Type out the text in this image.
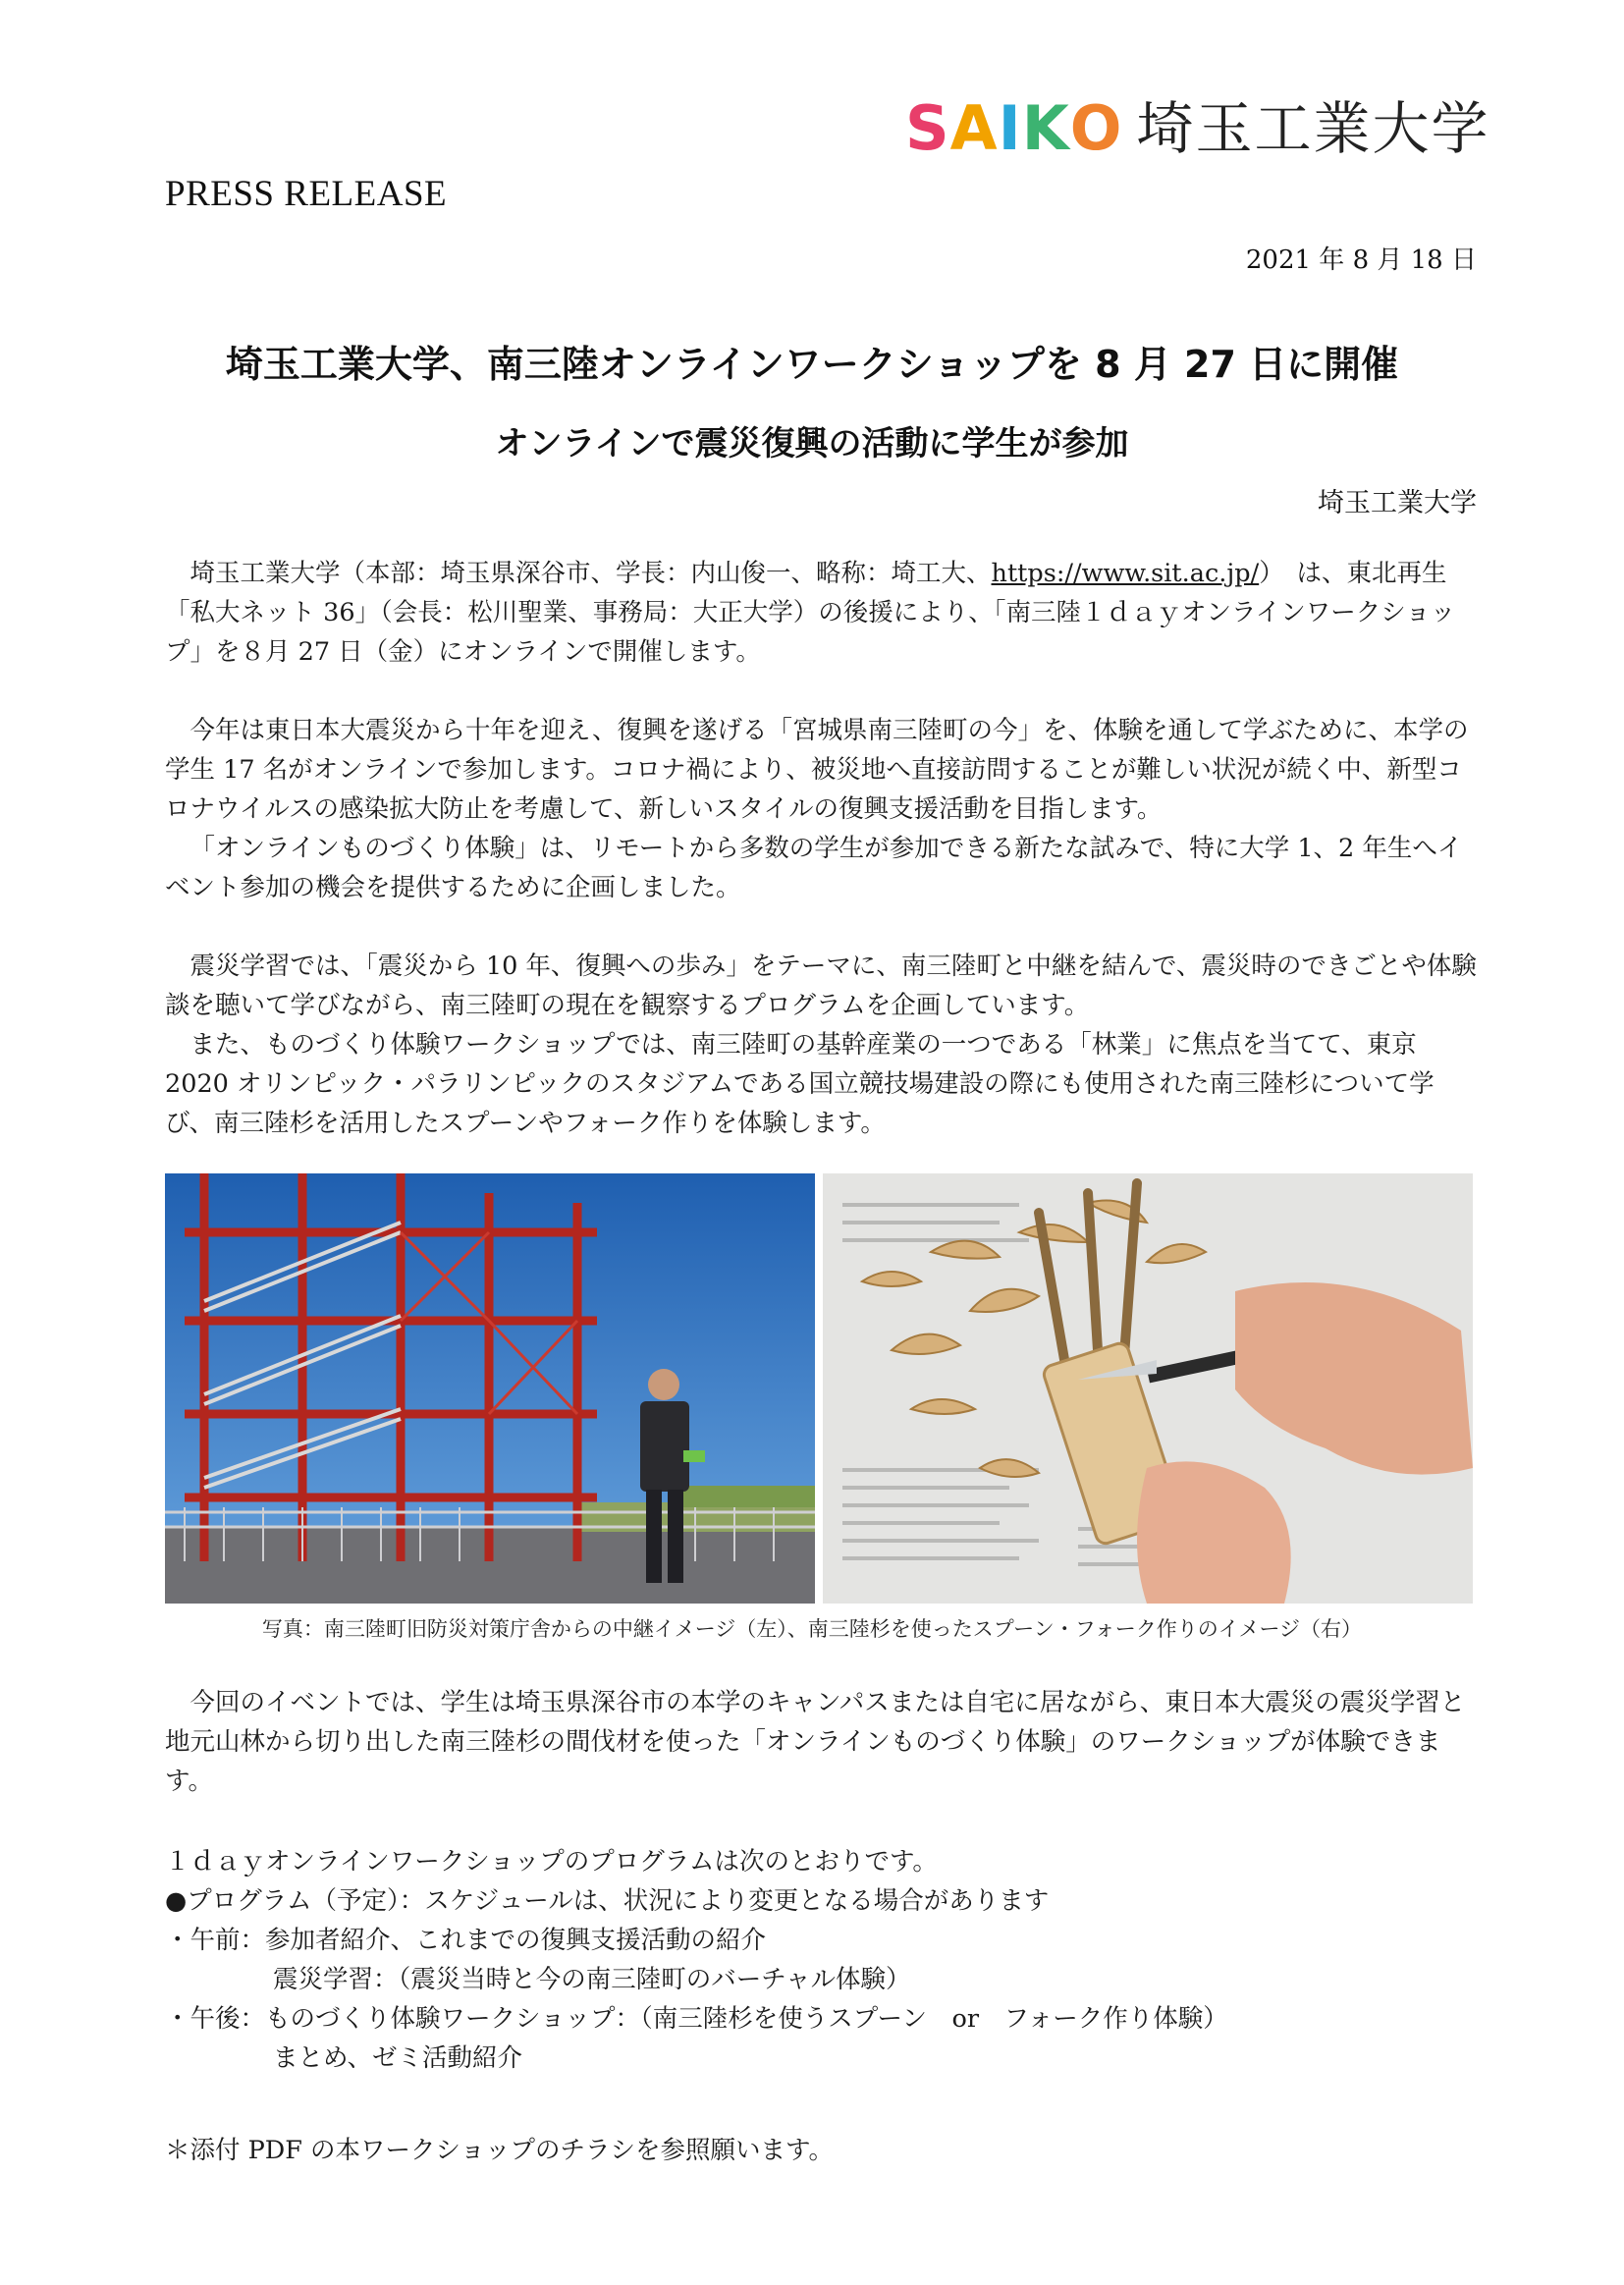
S A I K O 埼玉工業大学
PRESS RELEASE
2021 年 8 月 18 日
埼玉工業大学、南三陸オンラインワークショップを 8 月 27 日に開催
オンラインで震災復興の活動に学生が参加
埼玉工業大学

埼玉工業大学（本部：埼玉県深谷市、学長：内山俊一、略称：埼工大、https://www.sit.ac.jp/）　は、東北再生「私大ネット 36」（会長：松川聖業、事務局：大正大学）の後援により、「南三陸１ｄａｙオンラインワークショップ」を８月 27 日（金）にオンラインで開催します。

今年は東日本大震災から十年を迎え、復興を遂げる「宮城県南三陸町の今」を、体験を通して学ぶために、本学の学生 17 名がオンラインで参加します。コロナ禍により、被災地へ直接訪問することが難しい状況が続く中、新型コロナウイルスの感染拡大防止を考慮して、新しいスタイルの復興支援活動を目指します。

「オンラインものづくり体験」は、リモートから多数の学生が参加できる新たな試みで、特に大学 1、2 年生へイベント参加の機会を提供するために企画しました。

震災学習では、「震災から 10 年、復興への歩み」をテーマに、南三陸町と中継を結んで、震災時のできごとや体験談を聴いて学びながら、南三陸町の現在を観察するプログラムを企画しています。

また、ものづくり体験ワークショップでは、南三陸町の基幹産業の一つである「林業」に焦点を当てて、東京 2020 オリンピック・パラリンピックのスタジアムである国立競技場建設の際にも使用された南三陸杉について学び、南三陸杉を活用したスプーンやフォーク作りを体験します。

写真：南三陸町旧防災対策庁舎からの中継イメージ（左）、南三陸杉を使ったスプーン・フォーク作りのイメージ（右）

今回のイベントでは、学生は埼玉県深谷市の本学のキャンパスまたは自宅に居ながら、東日本大震災の震災学習と地元山林から切り出した南三陸杉の間伐材を使った「オンラインものづくり体験」のワークショップが体験できます。

１ｄａｙオンラインワークショップのプログラムは次のとおりです。
●プログラム（予定）：スケジュールは、状況により変更となる場合があります
・午前：参加者紹介、これまでの復興支援活動の紹介
震災学習：（震災当時と今の南三陸町のバーチャル体験）
・午後：ものづくり体験ワークショップ：（南三陸杉を使うスプーン　or　フォーク作り体験）
まとめ、ゼミ活動紹介
＊添付 PDF の本ワークショップのチラシを参照願います。
